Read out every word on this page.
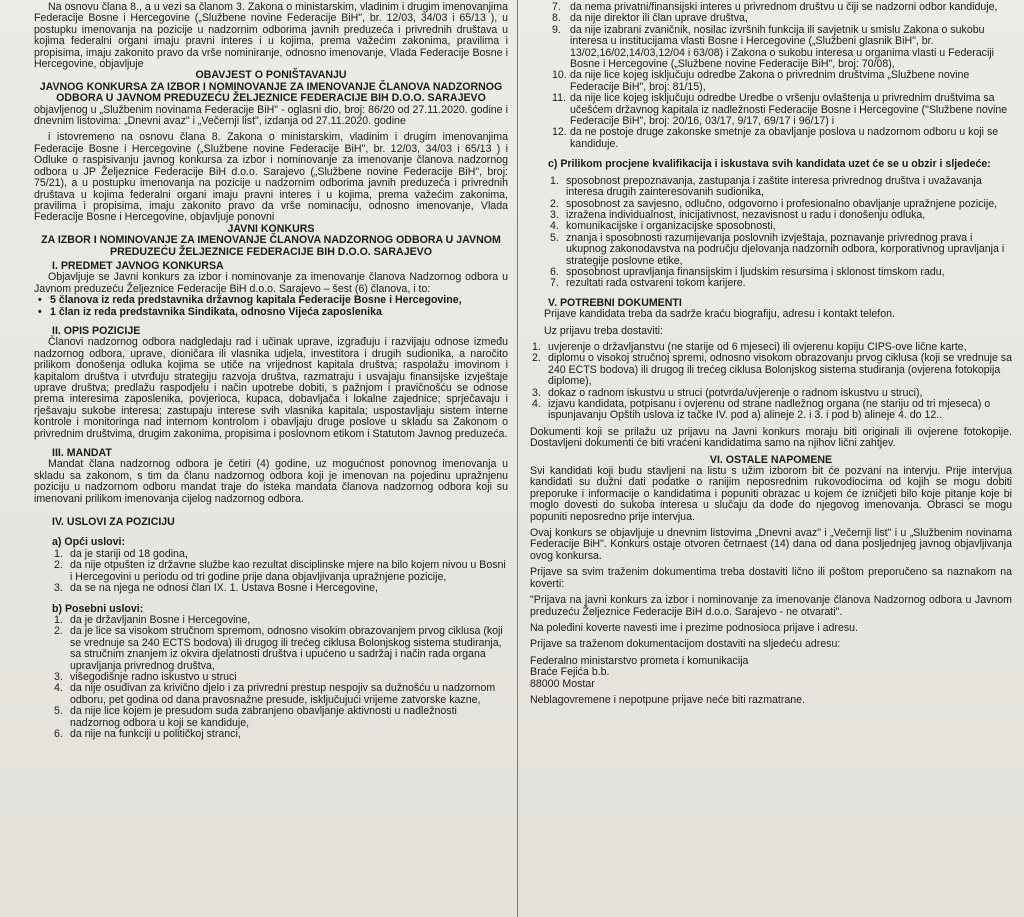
Na osnovu člana 8., a u vezi sa članom 3. Zakona o ministarskim, vladinim i drugim imenovanjima Federacije Bosne i Hercegovine („Službene novine Federacije BiH", br. 12/03, 34/03 i 65/13 ), u postupku imenovanja na pozicije u nadzornim odborima javnih preduzeća i privrednih društava u kojima federalni organi imaju pravni interes i u kojima, prema važećim zakonima, pravilima i propisima, imaju zakonito pravo da vrše nominiranje, odnosno imenovanje, Vlada Federacije Bosne i Hercegovine, objavljuje

OBAVJEST O PONIŠTAVANJU
JAVNOG KONKURSA ZA IZBOR I NOMINOVANJE ZA IMENOVANJE ČLANOVA NADZORNOG ODBORA U JAVNOM PREDUZEĆU ŽELJEZNICE FEDERACIJE BIH D.O.O. SARAJEVO

objavljenog u „Službenim novinama Federacije BiH" - oglasni dio, broj: 86/20 od 27.11.2020. godine i dnevnim listovima: „Dnevni avaz" i „Večernji list", izdanja od 27.11.2020. godine

i istovremeno na osnovu člana 8. Zakona o ministarskim, vladinim i drugim imenovanjima Federacije Bosne i Hercegovine („Službene novine Federacije BiH", br. 12/03, 34/03 i 65/13 ) i Odluke o raspisivanju javnog konkursa za izbor i nominovanje za imenovanje članova nadzornog odbora u JP Željeznice Federacije BiH d.o.o. Sarajevo („Službene novine Federacije BiH", broj: 75/21), a u postupku imenovanja na pozicije u nadzornim odborima javnih preduzeća i privrednih društava u kojima federalni organi imaju pravni interes i u kojima, prema važećim zakonima, pravilima i propisima, imaju zakonito pravo da vrše nominaciju, odnosno imenovanje, Vlada Federacije Bosne i Hercegovine, objavljuje ponovni

JAVNI KONKURS
ZA IZBOR I NOMINOVANJE ZA IMENOVANJE ČLANOVA NADZORNOG ODBORA U JAVNOM PREDUZEĆU ŽELJEZNICE FEDERACIJE BIH D.O.O. SARAJEVO
I. PREDMET JAVNOG KONKURSA

Objavljuje se Javni konkurs za izbor i nominovanje za imenovanje članova Nadzornog odbora u Javnom preduzeću Željeznice Federacije BiH d.o.o. Sarajevo – šest (6) članova, i to:

• 5 članova iz reda predstavnika državnog kapitala Federacije Bosne i Hercegovine,
• 1 član iz reda predstavnika Sindikata, odnosno Vijeća zaposlenika
II. OPIS POZICIJE

Članovi nadzornog odbora nadgledaju rad i učinak uprave, izgrađuju i razvijaju odnose između nadzornog odbora, uprave, dioničara ili vlasnika udjela, investitora i drugih sudionika, a naročito prilikom donošenja odluka kojima se utiče na vrijednost kapitala društva; raspolažu imovinom i kapitalom društva i utvrđuju strategiju razvoja društva, razmatraju i usvajaju finansijske izvještaje uprave društva; predlažu raspodjelu i način upotrebe dobiti, s pažnjom i pravičnošću se odnose prema interesima zaposlenika, povjerioca, kupaca, dobavljača i lokalne zajednice; sprječavaju i rješavaju sukobe interesa; zastupaju interese svih vlasnika kapitala; uspostavljaju sistem interne kontrole i monitoringa nad internom kontrolom i obavljaju druge poslove u skladu sa Zakonom o privrednim društvima, drugim zakonima, propisima i poslovnom etikom i Statutom Javnog preduzeća.

III. MANDAT

Mandat člana nadzornog odbora je četiri (4) godine, uz mogućnost ponovnog imenovanja u skladu sa zakonom, s tim da članu nadzornog odbora koji je imenovan na pojedinu upražnjenu poziciju u nadzornom odboru mandat traje do isteka mandata članova nadzornog odbora koji su imenovani prilikom imenovanja cijelog nadzornog odbora.

IV. USLOVI ZA POZICIJU
a) Opći uslovi:
1. da je stariji od 18 godina,
2. da nije otpušten iz državne službe kao rezultat disciplinske mjere na bilo kojem nivou u Bosni i Hercegovini u periodu od tri godine prije dana objavljivanja upražnjene pozicije,
3. da se na njega ne odnosi član IX. 1. Ustava Bosne i Hercegovine,
b) Posebni uslovi:
1. da je državljanin Bosne i Hercegovine,
2. da je lice sa visokom stručnom spremom, odnosno visokim obrazovanjem prvog ciklusa (koji se vrednuje sa 240 ECTS bodova) ili drugog ili trećeg ciklusa Bolonjskog sistema studiranja, sa stručnim znanjem iz okvira djelatnosti društva i upućeno u sadržaj i način rada organa upravljanja privrednog društva,
3. višegodišnje radno iskustvo u struci
4. da nije osuđivan za krivično djelo i za privredni prestup nespojiv sa dužnošću u nadzornom odboru, pet godina od dana pravosnažne presude, isključujući vrijeme zatvorske kazne,
5. da nije lice kojem je presudom suda zabranjeno obavljanje aktivnosti u nadležnosti nadzornog odbora u koji se kandiduje,
6. da nije na funkciji u političkoj stranci,
7. da nema privatni/finansijski interes u privrednom društvu u čiji se nadzorni odbor kandiduje,
8. da nije direktor ili član uprave društva,
9. da nije izabrani zvaničnik, nosilac izvršnih funkcija ili savjetnik u smislu Zakona o sukobu interesa u institucijama vlasti Bosne i Hercegovine („Službeni glasnik BiH", br. 13/02,16/02,14/03,12/04 i 63/08) i Zakona o sukobu interesa u organima vlasti u Federaciji Bosne i Hercegovine („Službene novine Federacije BiH", broj: 70/08),
10. da nije lice kojeg isključuju odredbe Zakona o privrednim društvima „Službene novine Federacije BiH", broj: 81/15),
11. da nije lice kojeg isključuju odredbe Uredbe o vršenju ovlaštenja u privrednim društvima sa učešćem državnog kapitala iz nadležnosti Federacije Bosne i Hercegovine ("Službene novine Federacije BiH", broj: 20/16, 03/17, 9/17, 69/17 i 96/17) i
12. da ne postoje druge zakonske smetnje za obavljanje poslova u nadzornom odboru u koji se kandiduje.
c) Prilikom procjene kvalifikacija i iskustava svih kandidata uzet će se u obzir i sljedeće:
1. sposobnost prepoznavanja, zastupanja i zaštite interesa privrednog društva i uvažavanja interesa drugih zainteresovanih sudionika,
2. sposobnost za savjesno, odlučno, odgovorno i profesionalno obavljanje upražnjene pozicije,
3. izražena individualnost, inicijativnost, nezavisnost u radu i donošenju odluka,
4. komunikacijske i organizacijske sposobnosti,
5. znanja i sposobnosti razumijevanja poslovnih izvještaja, poznavanje privrednog prava i ukupnog zakonodavstva na području djelovanja nadzornih odbora, korporativnog upravljanja i strategije poslovne etike,
6. sposobnost upravljanja finansijskim i ljudskim resursima i sklonost timskom radu,
7. rezultati rada ostvareni tokom karijere.
V. POTREBNI DOKUMENTI

Prijave kandidata treba da sadrže kraću biografiju, adresu i kontakt telefon.

Uz prijavu treba dostaviti:

1. uvjerenje o državljanstvu (ne starije od 6 mjeseci) ili ovjerenu kopiju CIPS-ove lične karte,
2. diplomu o visokoj stručnoj spremi, odnosno visokom obrazovanju prvog ciklusa (koji se vrednuje sa 240 ECTS bodova) ili drugog ili trećeg ciklusa Bolonjskog sistema studiranja (ovjerena fotokopija diplome),
3. dokaz o radnom iskustvu u struci (potvrda/uvjerenje o radnom iskustvu u struci),
4. izjavu kandidata, potpisanu i ovjerenu od strane nadležnog organa (ne stariju od tri mjeseca) o ispunjavanju Opštih uslova iz tačke IV. pod a) alineje 2. i 3. i pod b) alineje 4. do 12..

Dokumenti koji se prilažu uz prijavu na Javni konkurs moraju biti originali ili ovjerene fotokopije. Dostavljeni dokumenti će biti vraćeni kandidatima samo na njihov lični zahtjev.

VI. OSTALE NAPOMENE

Svi kandidati koji budu stavljeni na listu s užim izborom bit će pozvani na intervju. Prije intervjua kandidati su dužni dati podatke o ranijim neposrednim rukovodiocima od kojih se mogu dobiti preporuke i informacije o kandidatima i popuniti obrazac u kojem će izničjeti bilo koje pitanje koje bi moglo dovesti do sukoba interesa u slučaju da dođe do njegovog imenovanja. Obrasci se mogu popuniti neposredno prije intervjua.

Ovaj konkurs se objavljuje u dnevnim listovima „Dnevni avaz" i „Večernji list" i u „Službenim novinama Federacije BiH". Konkurs ostaje otvoren četrnaest (14) dana od dana posljednjeg javnog objavljivanja ovog konkursa.

Prijave sa svim traženim dokumentima treba dostaviti lično ili poštom preporučeno sa naznakom na koverti:

"Prijava na javni konkurs za izbor i nominovanje za imenovanje članova Nadzornog odbora u Javnom preduzeću Željeznice Federacije BiH d.o.o. Sarajevo - ne otvarati".

Na poleđini koverte navesti ime i prezime podnosioca prijave i adresu.

Prijave sa traženom dokumentacijom dostaviti na sljedeću adresu:

Federalno ministarstvo prometa i komunikacija
Braće Fejića b.b.
88000 Mostar

Neblagovremene i nepotpune prijave neće biti razmatrane.
